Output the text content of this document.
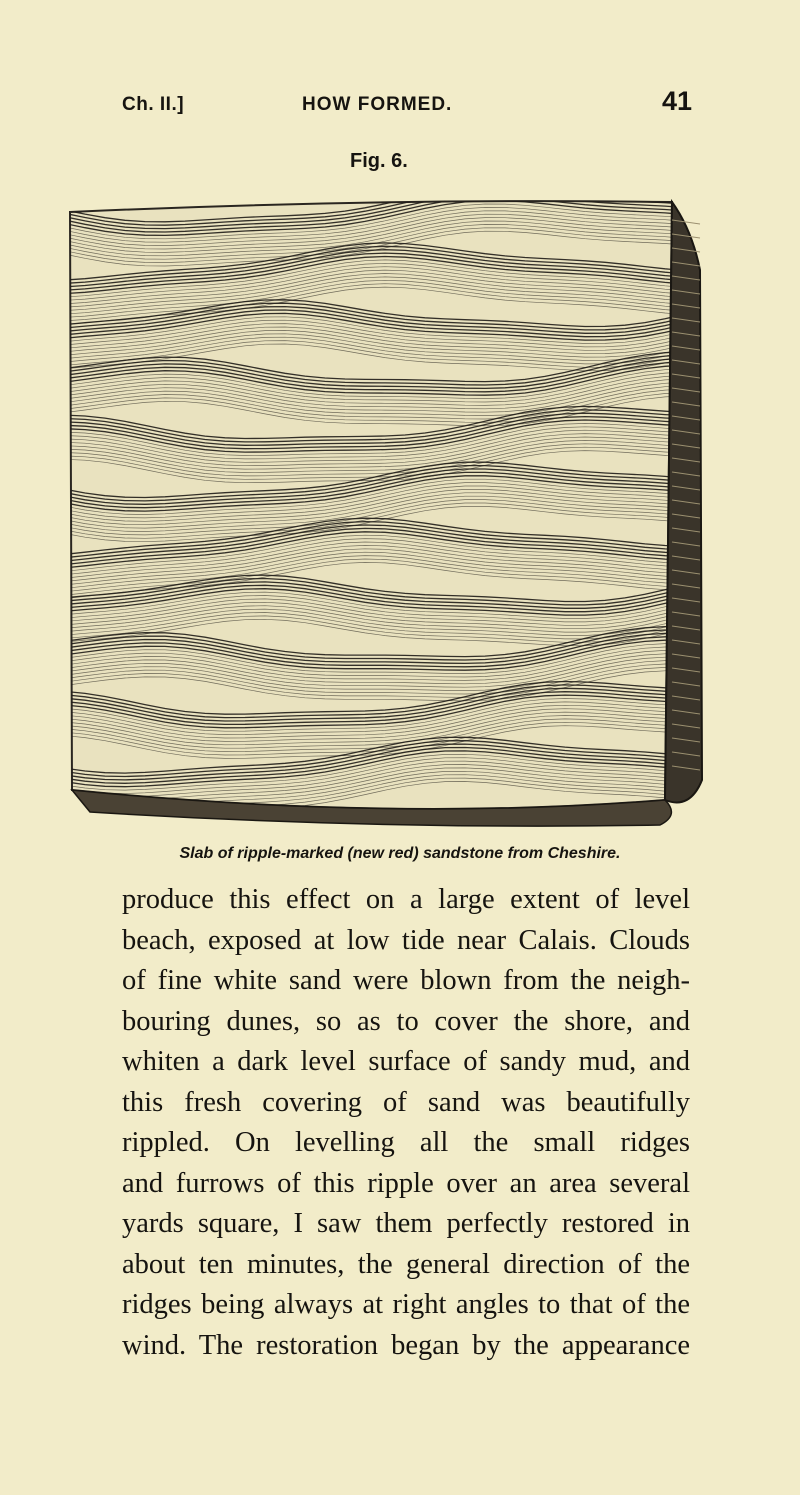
Ch. II.]	HOW FORMED.	41
Fig. 6.
Slab of ripple-marked (new red) sandstone from Cheshire.
produce this effect on a large extent of level
beach, exposed at low tide near Calais. Clouds
of fine white sand were blown from the neigh-
bouring dunes, so as to cover the shore, and
whiten a dark level surface of sandy mud, and
this fresh covering of sand was beautifully
rippled. On levelling all the small ridges
and furrows of this ripple over an area several
yards square, I saw them perfectly restored in
about ten minutes, the general direction of the
ridges being always at right angles to that of the
wind. The restoration began by the appearance
